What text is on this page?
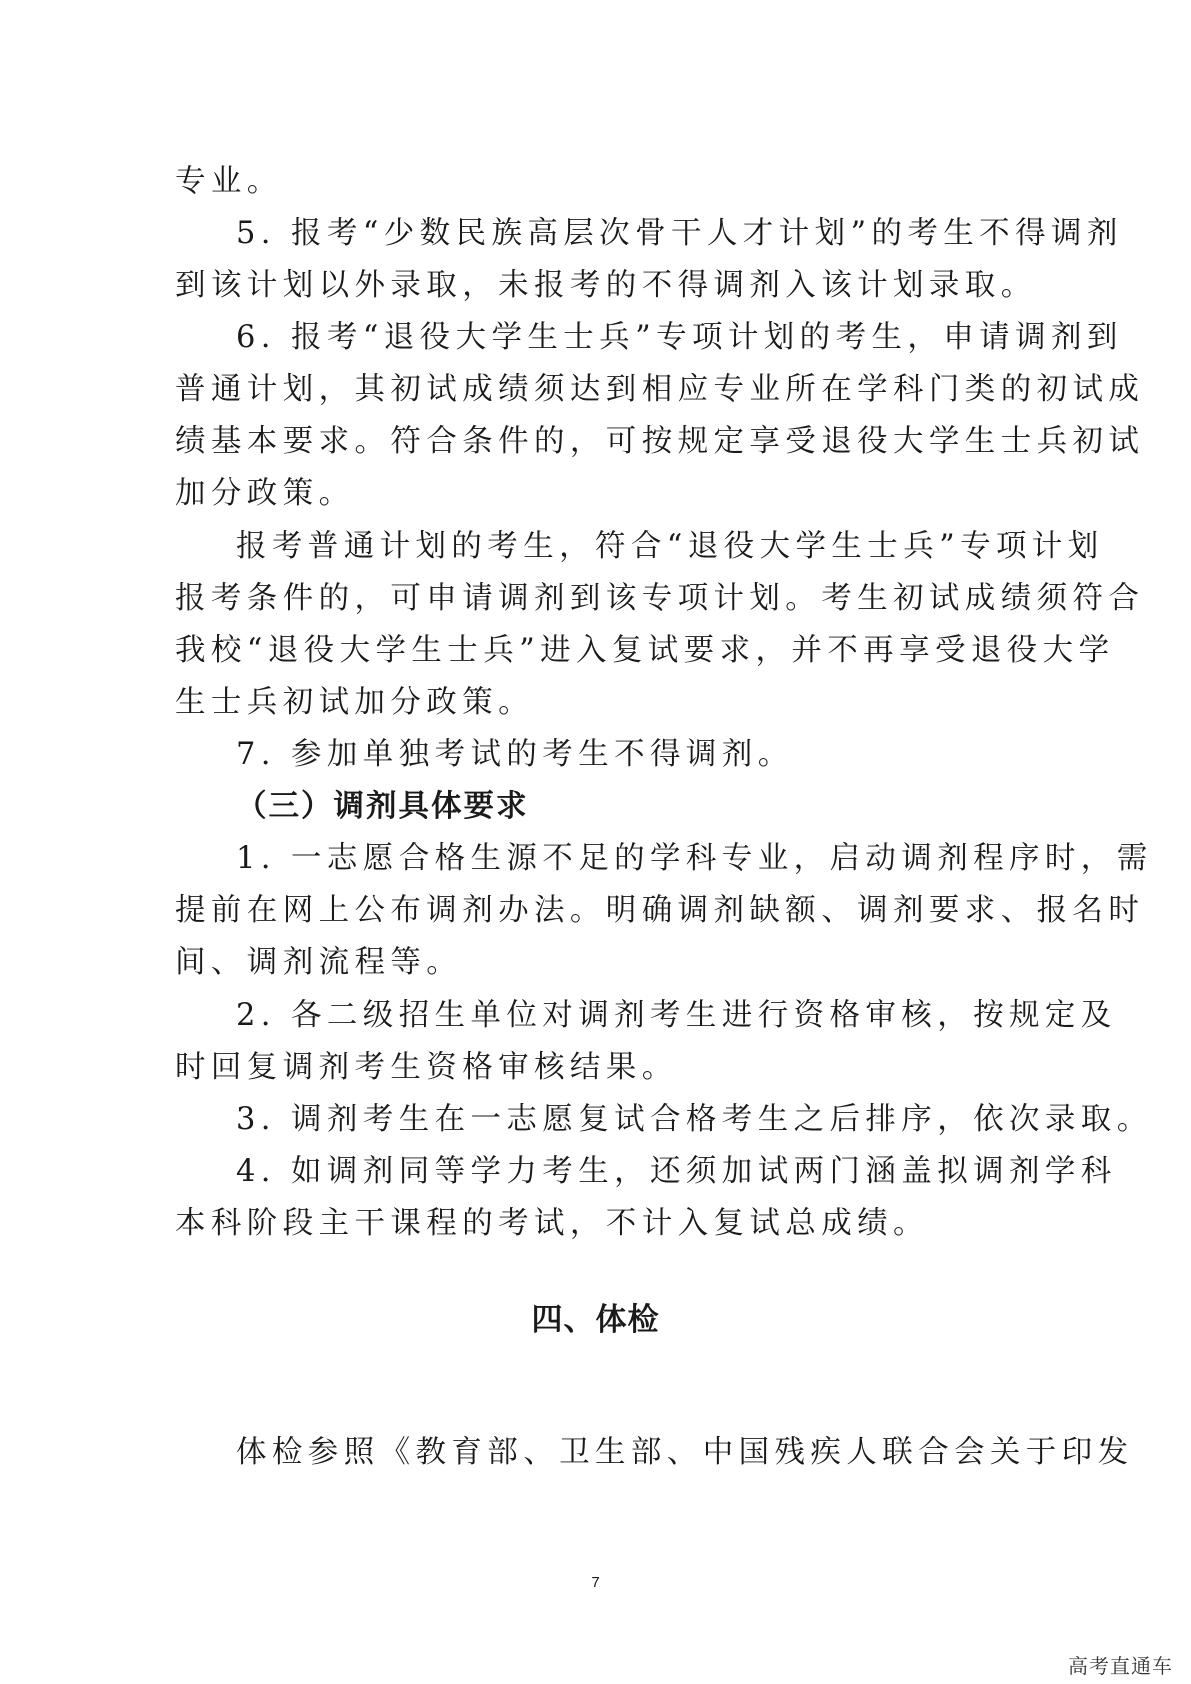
专业。
5. 报考“少数民族高层次骨干人才计划”的考生不得调剂
到该计划以外录取，未报考的不得调剂入该计划录取。
6. 报考“退役大学生士兵”专项计划的考生，申请调剂到
普通计划，其初试成绩须达到相应专业所在学科门类的初试成
绩基本要求。符合条件的，可按规定享受退役大学生士兵初试
加分政策。
报考普通计划的考生，符合“退役大学生士兵”专项计划
报考条件的，可申请调剂到该专项计划。考生初试成绩须符合
我校“退役大学生士兵”进入复试要求，并不再享受退役大学
生士兵初试加分政策。
7. 参加单独考试的考生不得调剂。
（三）调剂具体要求
1. 一志愿合格生源不足的学科专业，启动调剂程序时，需
提前在网上公布调剂办法。明确调剂缺额、调剂要求、报名时
间、调剂流程等。
2. 各二级招生单位对调剂考生进行资格审核，按规定及
时回复调剂考生资格审核结果。
3. 调剂考生在一志愿复试合格考生之后排序，依次录取。
4. 如调剂同等学力考生，还须加试两门涵盖拟调剂学科
本科阶段主干课程的考试，不计入复试总成绩。
四、体检
体检参照《教育部、卫生部、中国残疾人联合会关于印发
7
高考直通车
